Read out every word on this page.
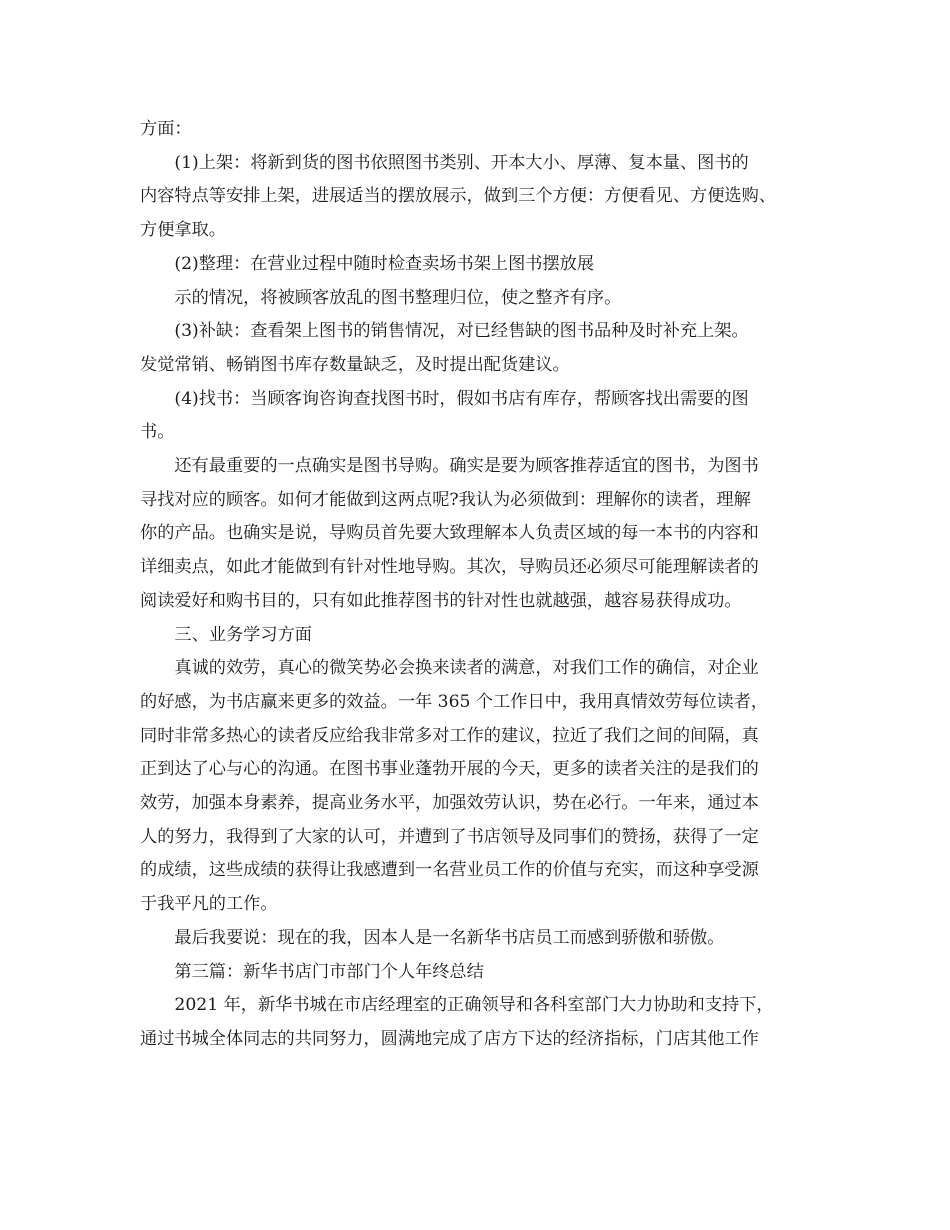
方面：

(1)上架：将新到货的图书依照图书类别、开本大小、厚薄、复本量、图书的

内容特点等安排上架，进展适当的摆放展示，做到三个方便：方便看见、方便选购、

方便拿取。

(2)整理：在营业过程中随时检查卖场书架上图书摆放展

示的情况，将被顾客放乱的图书整理归位，使之整齐有序。

(3)补缺：查看架上图书的销售情况，对已经售缺的图书品种及时补充上架。

发觉常销、畅销图书库存数量缺乏，及时提出配货建议。

(4)找书：当顾客询咨询查找图书时，假如书店有库存，帮顾客找出需要的图

书。

还有最重要的一点确实是图书导购。确实是要为顾客推荐适宜的图书，为图书

寻找对应的顾客。如何才能做到这两点呢?我认为必须做到：理解你的读者，理解

你的产品。也确实是说，导购员首先要大致理解本人负责区域的每一本书的内容和

详细卖点，如此才能做到有针对性地导购。其次，导购员还必须尽可能理解读者的

阅读爱好和购书目的，只有如此推荐图书的针对性也就越强，越容易获得成功。

三、业务学习方面

真诚的效劳，真心的微笑势必会换来读者的满意，对我们工作的确信，对企业

的好感，为书店赢来更多的效益。一年 365 个工作日中，我用真情效劳每位读者，

同时非常多热心的读者反应给我非常多对工作的建议，拉近了我们之间的间隔，真

正到达了心与心的沟通。在图书事业蓬勃开展的今天，更多的读者关注的是我们的

效劳，加强本身素养，提高业务水平，加强效劳认识，势在必行。一年来，通过本

人的努力，我得到了大家的认可，并遭到了书店领导及同事们的赞扬，获得了一定

的成绩，这些成绩的获得让我感遭到一名营业员工作的价值与充实，而这种享受源

于我平凡的工作。

最后我要说：现在的我，因本人是一名新华书店员工而感到骄傲和骄傲。

第三篇：新华书店门市部门个人年终总结

2021 年，新华书城在市店经理室的正确领导和各科室部门大力协助和支持下，

通过书城全体同志的共同努力，圆满地完成了店方下达的经济指标，门店其他工作
